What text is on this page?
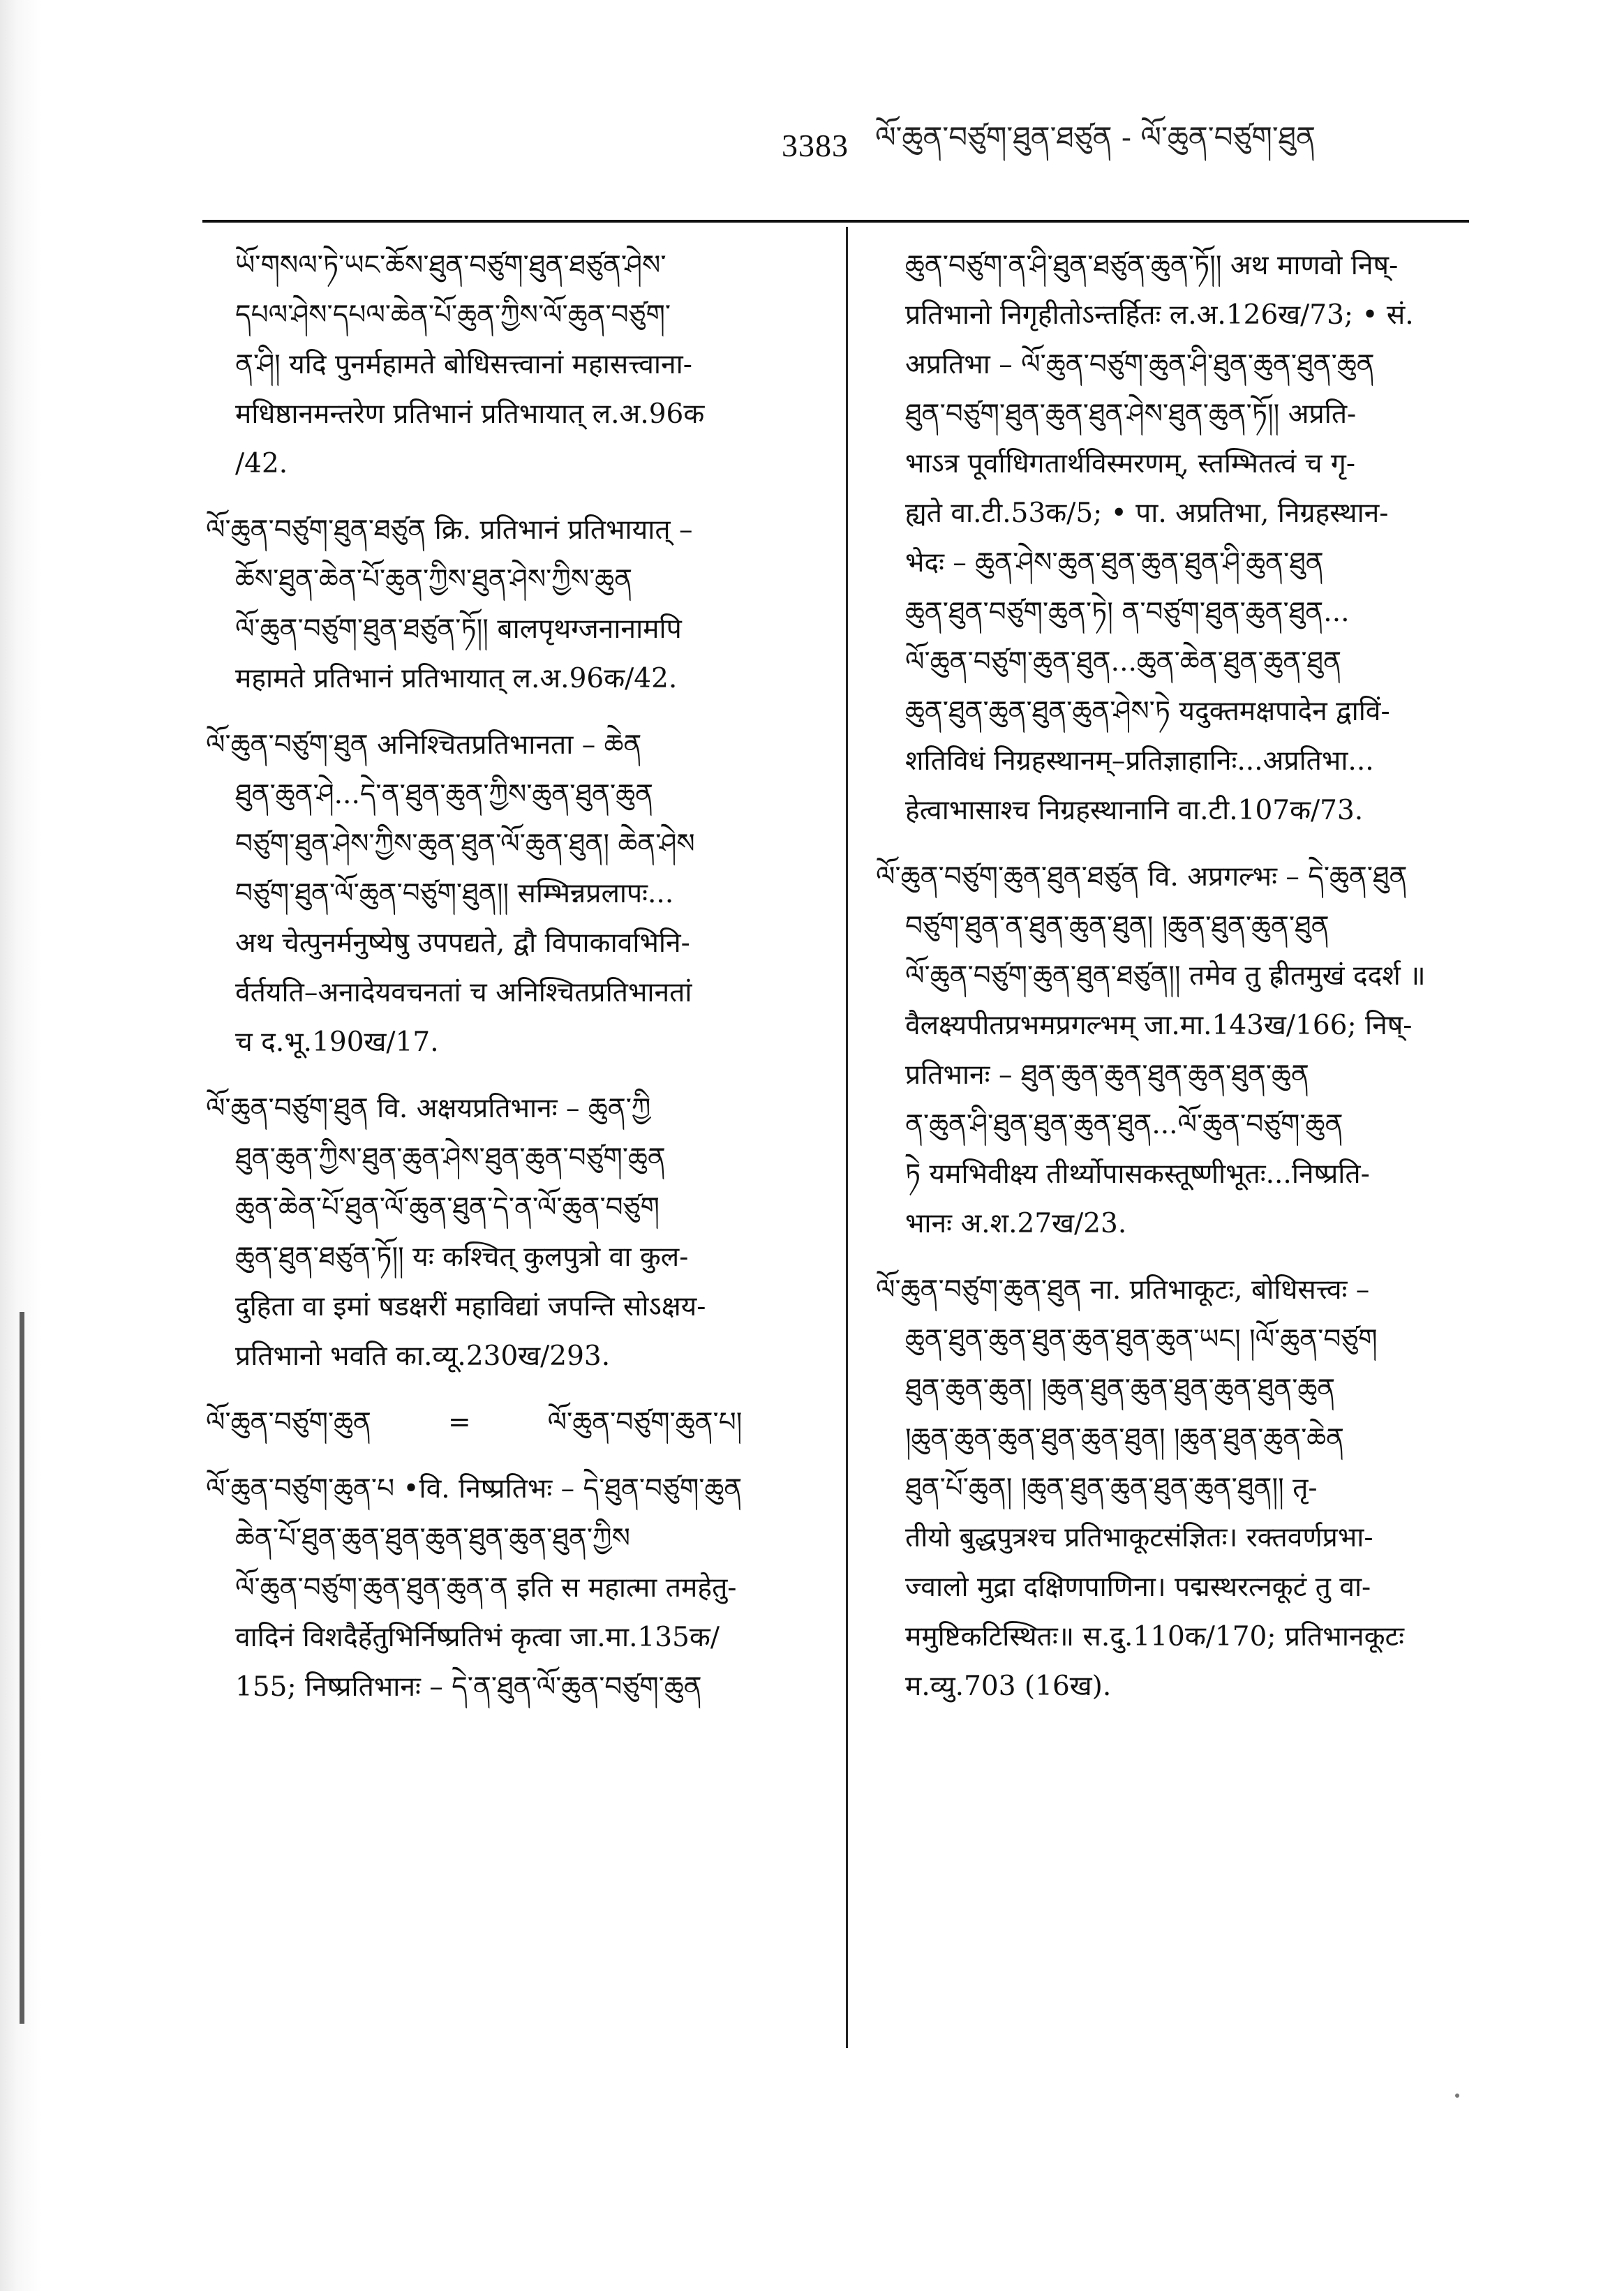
3383 ལོ་ཆུན་བཙུག་ཐུན་ཐཙུན - ལོ་ཆུན་བཙུག་ཐུན
ཡོ་གསལ་ཏེ་ཡང་ཆོས་ཐུན་བཙུག་ཐུན་ཐཙུན་ཤེས་
དཔལ་ཤེས་དཔལ་ཆེན་པོ་ཆུན་ཀྱིས་ལོ་ཆུན་བཙུག་
ན་ཤི། यदि पुनर्महामते बोधिसत्त्वानां महासत्त्वाना-
मधिष्ठानमन्तरेण प्रतिभानं प्रतिभायात् ल.अ.96क
/42.
ལོ་ཆུན་བཙུག་ཐུན་ཐཙུན क्रि. प्रतिभानं प्रतिभायात् –
ཆོས་ཐུན་ཆེན་པོ་ཆུན་ཀྱིས་ཐུན་ཤེས་ཀྱིས་ཆུན
ལོ་ཆུན་བཙུག་ཐུན་ཐཙུན་ཏོ།། बालपृथग्जनानामपि
महामते प्रतिभानं प्रतिभायात् ल.अ.96क/42.
ལོ་ཆུན་བཙུག་ཐུན अनिश्चितप्रतिभानता – ཆེན
ཐུན་ཆུན་ཤེ...དེ་ན་ཐུན་ཆུན་ཀྱིས་ཆུན་ཐུན་ཆུན
བཙུག་ཐུན་ཤེས་ཀྱིས་ཆུན་ཐུན་ལོ་ཆུན་ཐུན། ཆེན་ཤེས
བཙུག་ཐུན་ལོ་ཆུན་བཙུག་ཐུན།། सम्भिन्नप्रलापः...
अथ चेत्पुनर्मनुष्येषु उपपद्यते, द्वौ विपाकावभिनि-
र्वर्तयति–अनादेयवचनतां च अनिश्चितप्रतिभानतां
च द.भू.190ख/17.
ལོ་ཆུན་བཙུག་ཐུན वि. अक्षयप्रतिभानः – ཆུན་ཀྱི
ཐུན་ཆུན་ཀྱིས་ཐུན་ཆུན་ཤེས་ཐུན་ཆུན་བཙུག་ཆུན
ཆུན་ཆེན་པོ་ཐུན་ལོ་ཆུན་ཐུན་དེ་ན་ལོ་ཆུན་བཙུག
ཆུན་ཐུན་ཐཙུན་ཏོ།། यः कश्चित् कुलपुत्रो वा कुल-
दुहिता वा इमां षडक्षरीं महाविद्यां जपन्ति सोऽक्षय-
प्रतिभानो भवति का.व्यू.230ख/293.
ལོ་ཆུན་བཙུག་ཆུན	=	ལོ་ཆུན་བཙུག་ཆུན་པ།
ལོ་ཆུན་བཙུག་ཆུན་པ •वि. निष्प्रतिभः – དེ་ཐུན་བཙུག་ཆུན
ཆེན་པོ་ཐུན་ཆུན་ཐུན་ཆུན་ཐུན་ཆུན་ཐུན་ཀྱིས
ལོ་ཆུན་བཙུག་ཆུན་ཐུན་ཆུན་ན इति स महात्मा तमहेतु-
वादिनं विशदैर्हेतुभिर्निष्प्रतिभं कृत्वा जा.मा.135क/
155; निष्प्रतिभानः – དེ་ན་ཐུན་ལོ་ཆུན་བཙུག་ཆུན
ཆུན་བཙུག་ན་ཤི་ཐུན་ཐཙུན་ཆུན་ཏོ།། अथ माणवो निष्-
प्रतिभानो निगृहीतोऽन्तर्हितः ल.अ.126ख/73; • सं.
अप्रतिभा – ལོ་ཆུན་བཙུག་ཆུན་ཤི་ཐུན་ཆུན་ཐུན་ཆུན
ཐུན་བཙུག་ཐུན་ཆུན་ཐུན་ཤེས་ཐུན་ཆུན་ཏོ།། अप्रति-
भाऽत्र पूर्वाधिगतार्थविस्मरणम्, स्तम्भितत्वं च गृ-
ह्यते वा.टी.53क/5; • पा. अप्रतिभा, निग्रहस्थान-
भेदः – ཆུན་ཤེས་ཆུན་ཐུན་ཆུན་ཐུན་ཤི་ཆུན་ཐུན
ཆུན་ཐུན་བཙུག་ཆུན་ཏེ། ན་བཙུག་ཐུན་ཆུན་ཐུན...
ལོ་ཆུན་བཙུག་ཆུན་ཐུན...ཆུན་ཆེན་ཐུན་ཆུན་ཐུན
ཆུན་ཐུན་ཆུན་ཐུན་ཆུན་ཤེས་ཏེ यदुक्तमक्षपादेन द्वाविं-
शतिविधं निग्रहस्थानम्–प्रतिज्ञाहानिः...अप्रतिभा...
हेत्वाभासाश्च निग्रहस्थानानि वा.टी.107क/73.
ལོ་ཆུན་བཙུག་ཆུན་ཐུན་ཐཙུན वि. अप्रगल्भः – དེ་ཆུན་ཐུན
བཙུག་ཐུན་ན་ཐུན་ཆུན་ཐུན། །ཆུན་ཐུན་ཆུན་ཐུན
ལོ་ཆུན་བཙུག་ཆུན་ཐུན་ཐཙུན།། तमेव तु ह्रीतमुखं ददर्श ॥
वैलक्ष्यपीतप्रभमप्रगल्भम् जा.मा.143ख/166; निष्-
प्रतिभानः – ཐུན་ཆུན་ཆུན་ཐུན་ཆུན་ཐུན་ཆུན
ན་ཆུན་ཤི་ཐུན་ཐུན་ཆུན་ཐུན...ལོ་ཆུན་བཙུག་ཆུན
ཏེ यमभिवीक्ष्य तीर्थ्योपासकस्तूष्णीभूतः...निष्प्रति-
भानः अ.श.27ख/23.
ལོ་ཆུན་བཙུག་ཆུན་ཐུན ना. प्रतिभाकूटः, बोधिसत्त्वः –
ཆུན་ཐུན་ཆུན་ཐུན་ཆུན་ཐུན་ཆུན་ཡང། །ལོ་ཆུན་བཙུག
ཐུན་ཆུན་ཆུན། །ཆུན་ཐུན་ཆུན་ཐུན་ཆུན་ཐུན་ཆུན
།ཆུན་ཆུན་ཆུན་ཐུན་ཆུན་ཐུན། །ཆུན་ཐུན་ཆུན་ཆེན
ཐུན་པོ་ཆུན། །ཆུན་ཐུན་ཆུན་ཐུན་ཆུན་ཐུན།། तृ-
तीयो बुद्धपुत्रश्च प्रतिभाकूटसंज्ञितः। रक्तवर्णप्रभा-
ज्वालो मुद्रा दक्षिणपाणिना। पद्मस्थरत्नकूटं तु वा-
ममुष्टिकटिस्थितः॥ स.दु.110क/170; प्रतिभानकूटः
म.व्यु.703 (16ख).
